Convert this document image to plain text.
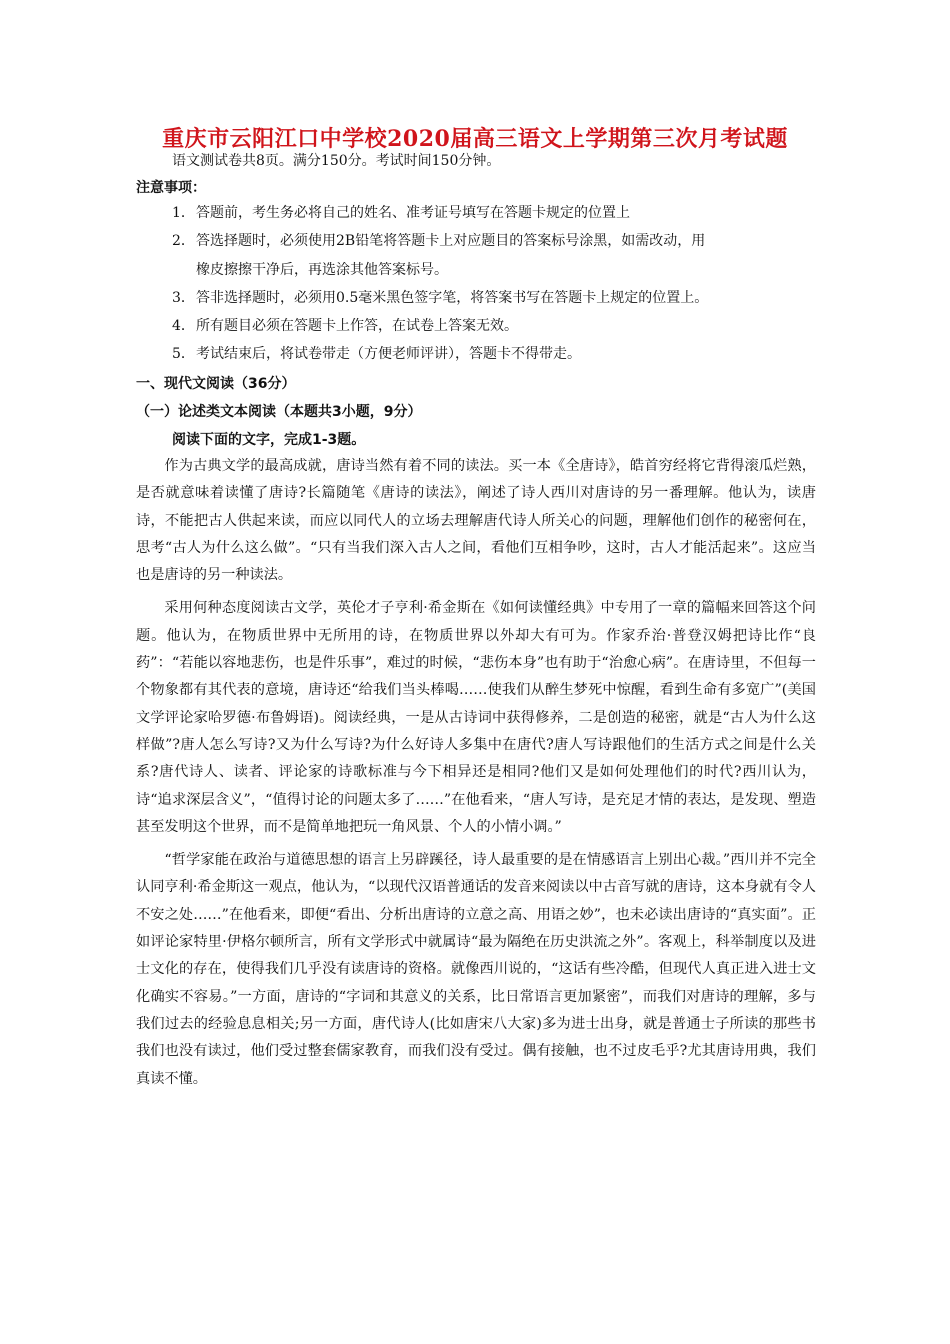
重庆市云阳江口中学校2020届高三语文上学期第三次月考试题
语文测试卷共8页。满分150分。考试时间150分钟。
注意事项：
1．答题前，考生务必将自己的姓名、准考证号填写在答题卡规定的位置上
2．答选择题时，必须使用2B铅笔将答题卡上对应题目的答案标号涂黑，如需改动，用
橡皮擦擦干净后，再选涂其他答案标号。
3．答非选择题时，必须用0.5毫米黑色签字笔，将答案书写在答题卡上规定的位置上。
4．所有题目必须在答题卡上作答，在试卷上答案无效。
5．考试结束后，将试卷带走（方便老师评讲），答题卡不得带走。
一、现代文阅读（36分）
（一）论述类文本阅读（本题共3小题，9分）
阅读下面的文字，完成1-3题。

作为古典文学的最高成就，唐诗当然有着不同的读法。买一本《全唐诗》，皓首穷经将它背得滚瓜烂熟，是否就意味着读懂了唐诗?长篇随笔《唐诗的读法》，阐述了诗人西川对唐诗的另一番理解。他认为，读唐诗，不能把古人供起来读，而应以同代人的立场去理解唐代诗人所关心的问题，理解他们创作的秘密何在，思考“古人为什么这么做”。“只有当我们深入古人之间，看他们互相争吵，这时，古人才能活起来”。这应当也是唐诗的另一种读法。

采用何种态度阅读古文学，英伦才子亨利·希金斯在《如何读懂经典》中专用了一章的篇幅来回答这个问题。他认为，在物质世界中无所用的诗，在物质世界以外却大有可为。作家乔治·普登汉姆把诗比作“良药”：“若能以容地悲伤，也是件乐事”，难过的时候，“悲伤本身”也有助于“治愈心病”。在唐诗里，不但每一个物象都有其代表的意境，唐诗还“给我们当头棒喝……使我们从醉生梦死中惊醒，看到生命有多宽广”(美国文学评论家哈罗德·布鲁姆语)。阅读经典，一是从古诗词中获得修养，二是创造的秘密，就是“古人为什么这样做”?唐人怎么写诗?又为什么写诗?为什么好诗人多集中在唐代?唐人写诗跟他们的生活方式之间是什么关系?唐代诗人、读者、评论家的诗歌标准与今下相异还是相同?他们又是如何处理他们的时代?西川认为，诗“追求深层含义”，“值得讨论的问题太多了……”在他看来，“唐人写诗，是充足才情的表达，是发现、塑造甚至发明这个世界，而不是简单地把玩一角风景、个人的小情小调。”

“哲学家能在政治与道德思想的语言上另辟蹊径，诗人最重要的是在情感语言上别出心裁。”西川并不完全认同亨利·希金斯这一观点，他认为，“以现代汉语普通话的发音来阅读以中古音写就的唐诗，这本身就有令人不安之处……”在他看来，即便“看出、分析出唐诗的立意之高、用语之妙”，也未必读出唐诗的“真实面”。正如评论家特里·伊格尔顿所言，所有文学形式中就属诗“最为隔绝在历史洪流之外”。客观上，科举制度以及进士文化的存在，使得我们几乎没有读唐诗的资格。就像西川说的，“这话有些冷酷，但现代人真正进入进士文化确实不容易。”一方面，唐诗的“字词和其意义的关系，比日常语言更加紧密”，而我们对唐诗的理解，多与我们过去的经验息息相关;另一方面，唐代诗人(比如唐宋八大家)多为进士出身，就是普通士子所读的那些书我们也没有读过，他们受过整套儒家教育，而我们没有受过。偶有接触，也不过皮毛乎?尤其唐诗用典，我们真读不懂。
